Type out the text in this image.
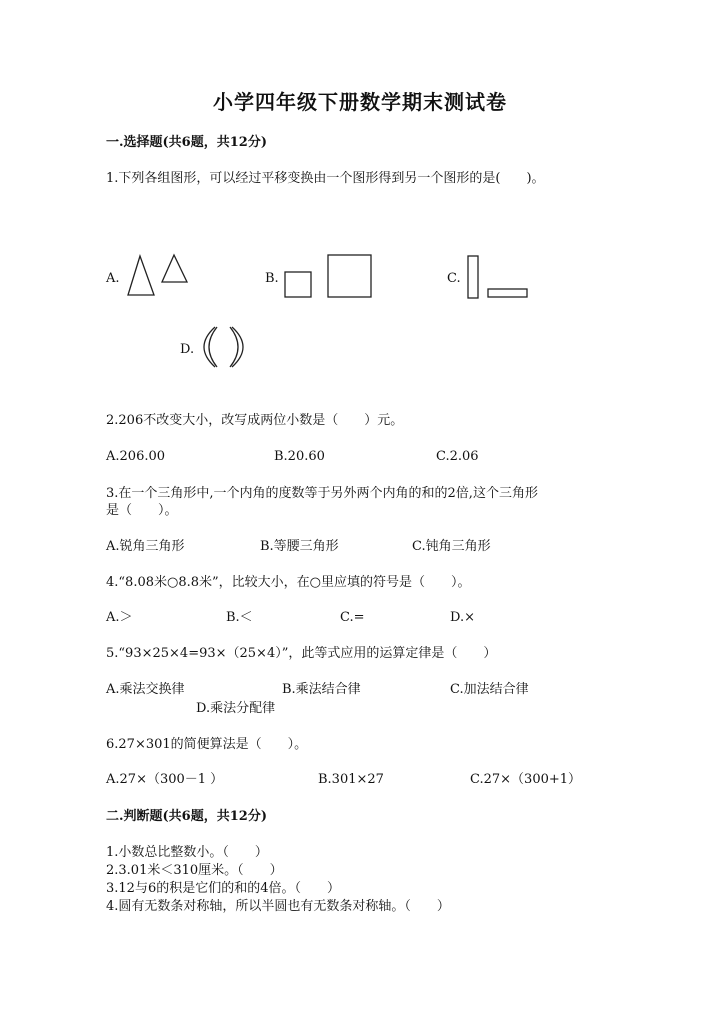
小学四年级下册数学期末测试卷
一.选择题(共6题，共12分)
1.下列各组图形，可以经过平移变换由一个图形得到另一个图形的是(　　)。
A.	B.	C.
D.
2.206不改变大小，改写成两位小数是（　　）元。
A.206.00	B.20.60	C.2.06
3.在一个三角形中,一个内角的度数等于另外两个内角的和的2倍,这个三角形
是（　　）。
A.锐角三角形	B.等腰三角形	C.钝角三角形
4.“8.08米○8.8米”，比较大小，在○里应填的符号是（　　）。
A.＞	B.＜	C.=	D.×
5.“93×25×4=93×（25×4）”，此等式应用的运算定律是（　　）
A.乘法交换律	B.乘法结合律	C.加法结合律
D.乘法分配律
6.27×301的简便算法是（　　）。
A.27×（300－1 ）	B.301×27	C.27×（300+1）
二.判断题(共6题，共12分)
1.小数总比整数小。（　　）
2.3.01米＜310厘米。（　　）
3.12与6的积是它们的和的4倍。（　　）
4.圆有无数条对称轴，所以半圆也有无数条对称轴。（　　）
